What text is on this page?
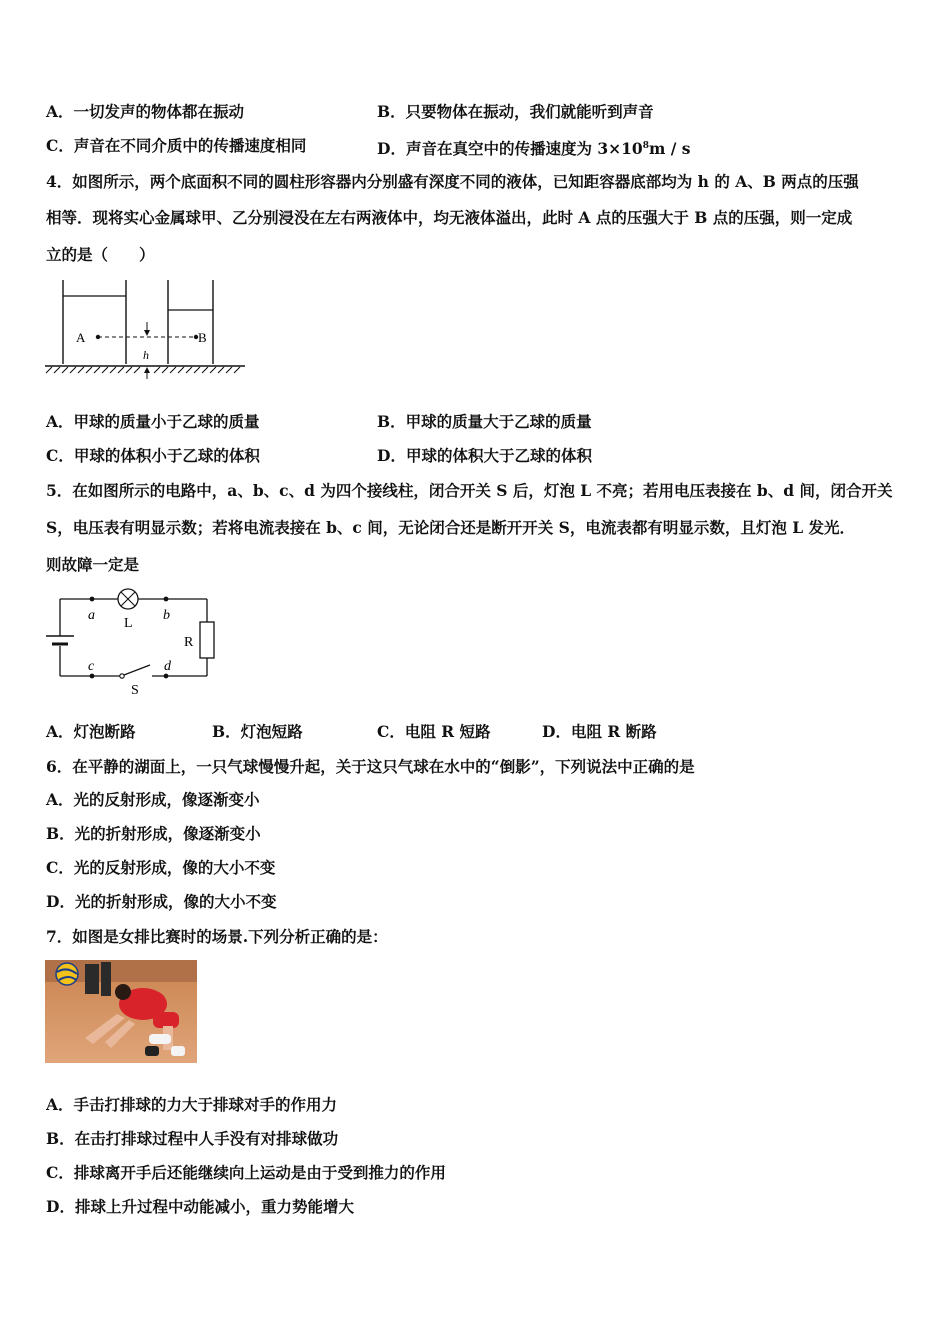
A．一切发声的物体都在振动	B．只要物体在振动，我们就能听到声音
C．声音在不同介质中的传播速度相同	D．声音在真空中的传播速度为 $3\times 10^8m / s$
4．如图所示，两个底面积不同的圆柱形容器内分别盛有深度不同的液体，已知距容器底部均为 h 的 A、B 两点的压强
相等．现将实心金属球甲、乙分别浸没在左右两液体中，均无液体溢出，此时 A 点的压强大于 B 点的压强，则一定成
立的是（　　）
A	B
h
A．甲球的质量小于乙球的质量	B．甲球的质量大于乙球的质量
C．甲球的体积小于乙球的体积	D．甲球的体积大于乙球的体积
5．在如图所示的电路中，a、b、c、d 为四个接线柱，闭合开关 S 后，灯泡 L 不亮；若用电压表接在 b、d 间，闭合开关
S，电压表有明显示数；若将电流表接在 b、c 间，无论闭合还是断开开关 S，电流表都有明显示数，且灯泡 L 发光．
则故障一定是
a	b
c	d
L
R
S
A．灯泡断路	B．灯泡短路	C．电阻 R 短路	D．电阻 R 断路
6．在平静的湖面上，一只气球慢慢升起，关于这只气球在水中的“倒影”，下列说法中正确的是
A．光的反射形成，像逐渐变小
B．光的折射形成，像逐渐变小
C．光的反射形成，像的大小不变
D．光的折射形成，像的大小不变
7．如图是女排比赛时的场景.下列分析正确的是：
A．手击打排球的力大于排球对手的作用力
B．在击打排球过程中人手没有对排球做功
C．排球离开手后还能继续向上运动是由于受到推力的作用
D．排球上升过程中动能减小，重力势能增大
